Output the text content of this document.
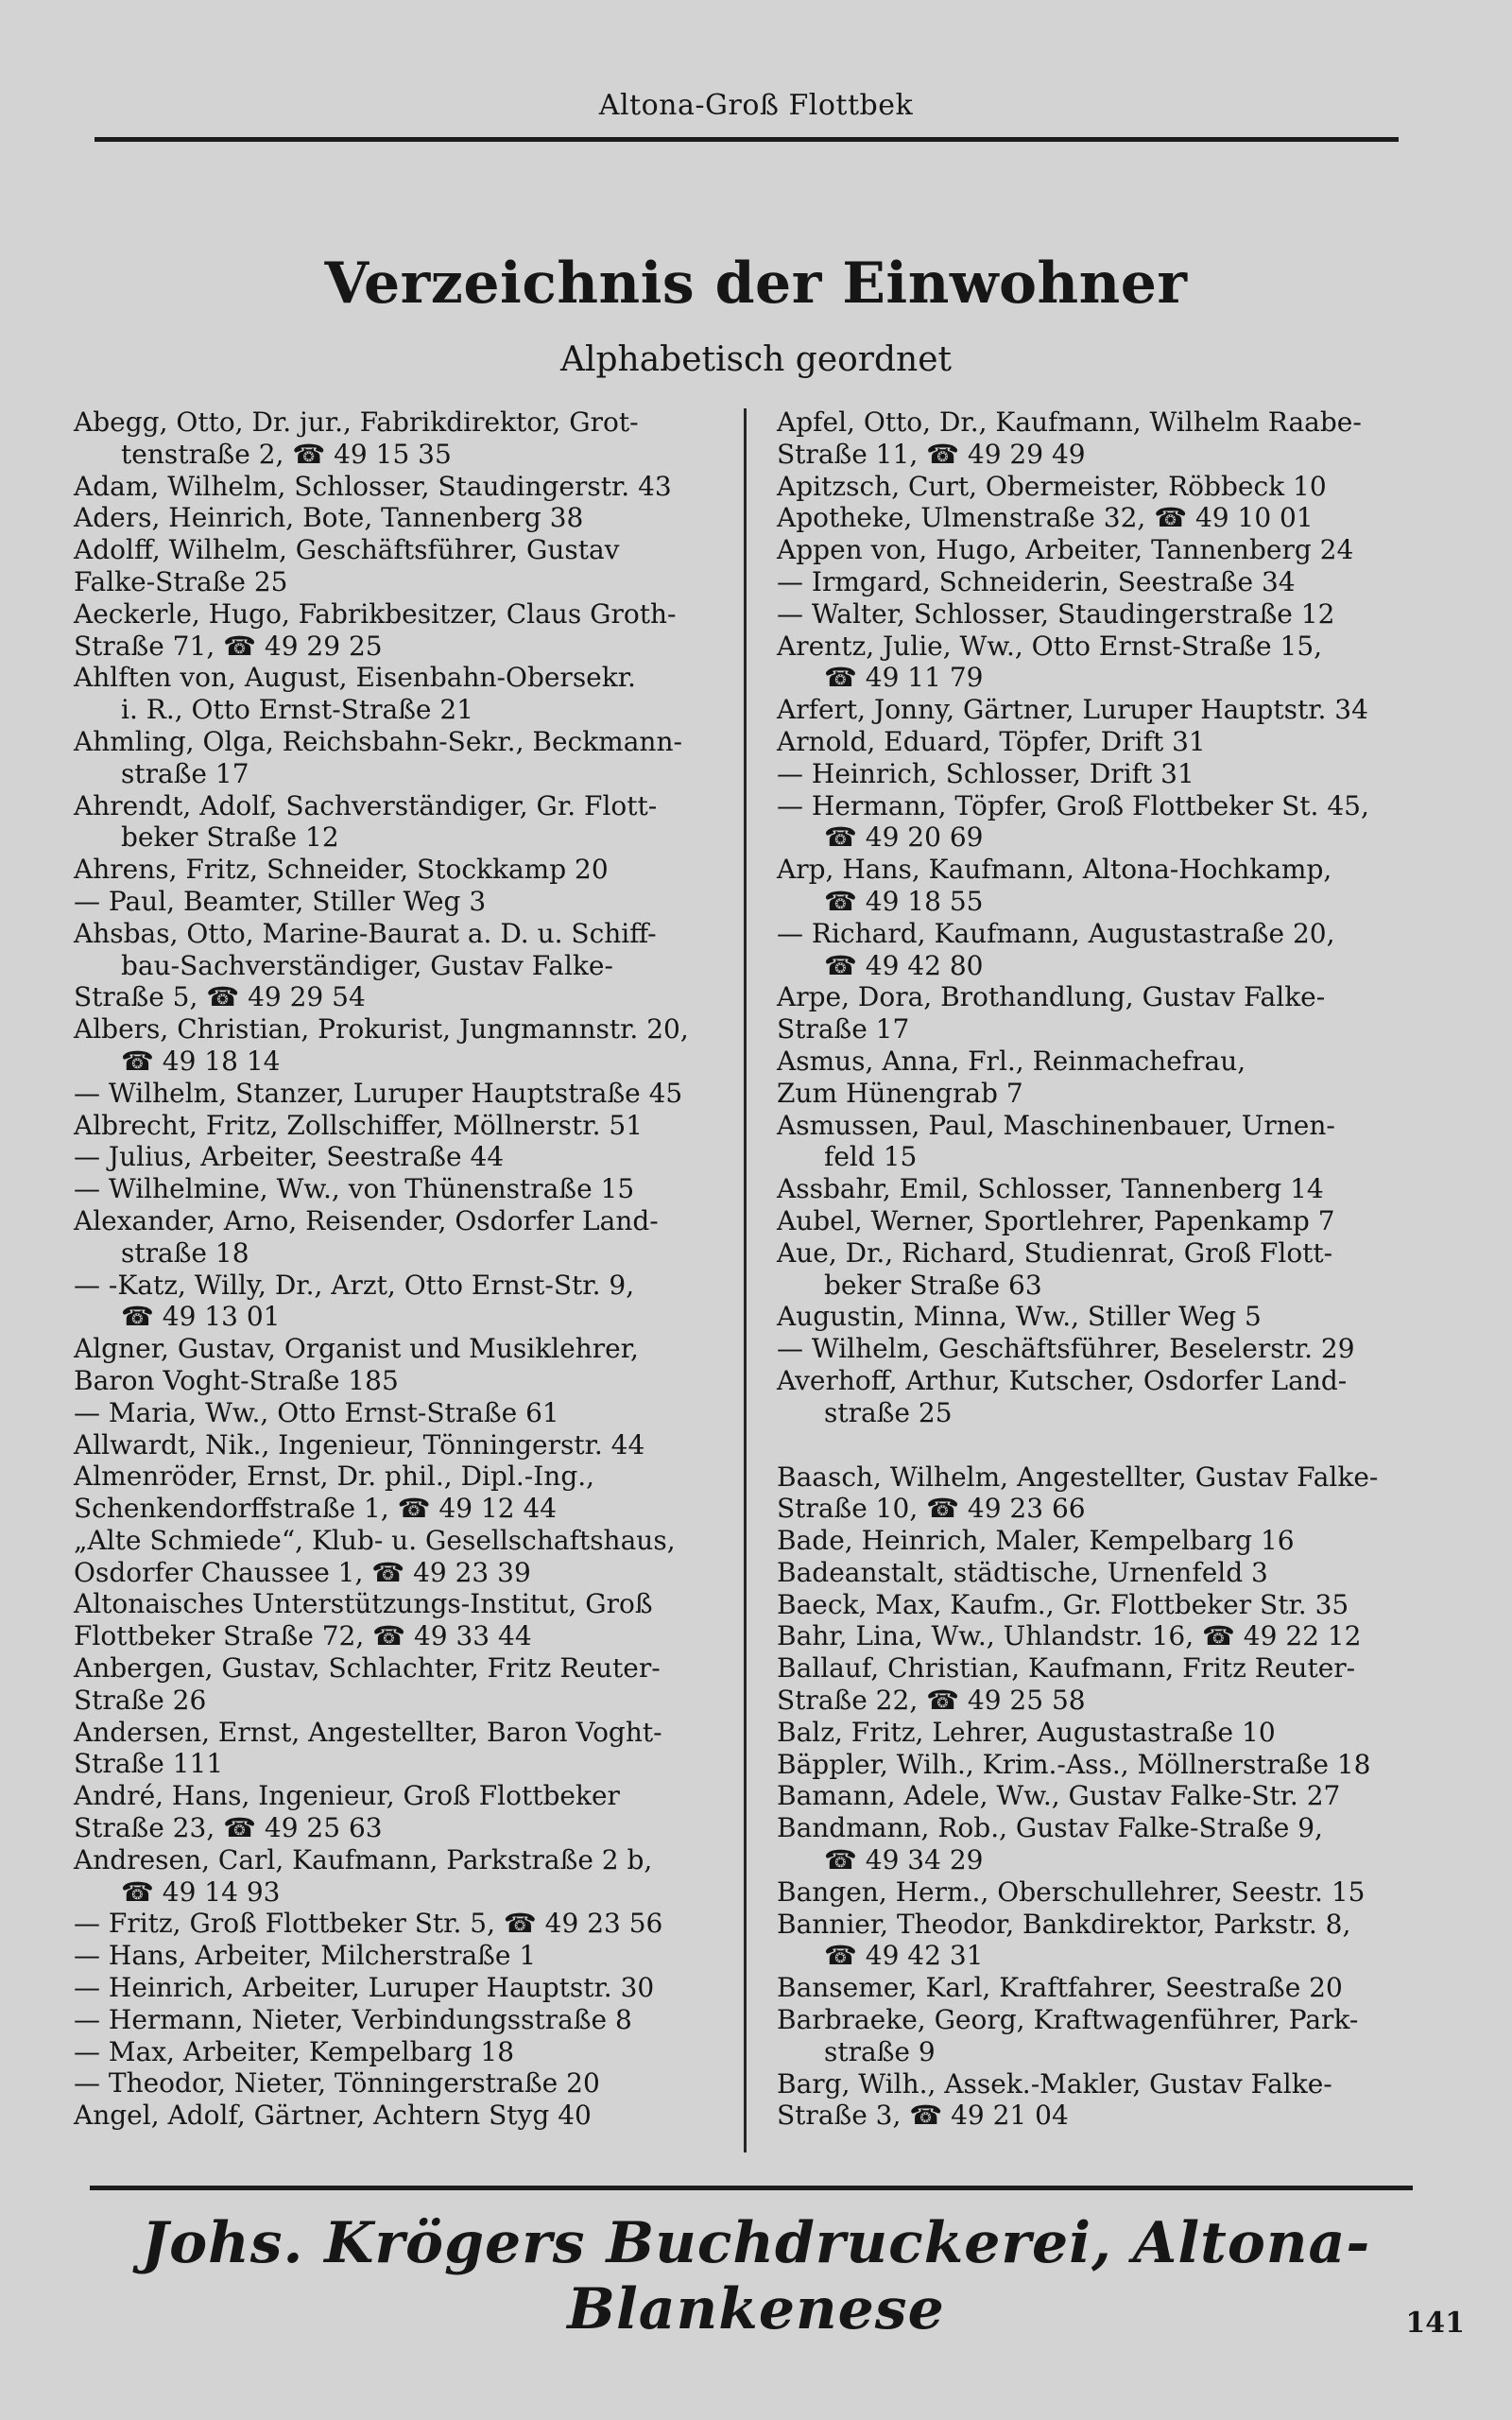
Altona-Groß Flottbek
Verzeichnis der Einwohner
Alphabetisch geordnet
Abegg, Otto, Dr. jur., Fabrikdirektor, Grot-
tenstraße 2, ☎ 49 15 35
Adam, Wilhelm, Schlosser, Staudingerstr. 43
Aders, Heinrich, Bote, Tannenberg 38
Adolff, Wilhelm, Geschäftsführer, Gustav
Falke-Straße 25
Aeckerle, Hugo, Fabrikbesitzer, Claus Groth-
Straße 71, ☎ 49 29 25
Ahlften von, August, Eisenbahn-Obersekr.
i. R., Otto Ernst-Straße 21
Ahmling, Olga, Reichsbahn-Sekr., Beckmann-
straße 17
Ahrendt, Adolf, Sachverständiger, Gr. Flott-
beker Straße 12
Ahrens, Fritz, Schneider, Stockkamp 20
— Paul, Beamter, Stiller Weg 3
Ahsbas, Otto, Marine-Baurat a. D. u. Schiff-
bau-Sachverständiger, Gustav Falke-
Straße 5, ☎ 49 29 54
Albers, Christian, Prokurist, Jungmannstr. 20,
☎ 49 18 14
— Wilhelm, Stanzer, Luruper Hauptstraße 45
Albrecht, Fritz, Zollschiffer, Möllnerstr. 51
— Julius, Arbeiter, Seestraße 44
— Wilhelmine, Ww., von Thünenstraße 15
Alexander, Arno, Reisender, Osdorfer Land-
straße 18
— -Katz, Willy, Dr., Arzt, Otto Ernst-Str. 9,
☎ 49 13 01
Algner, Gustav, Organist und Musiklehrer,
Baron Voght-Straße 185
— Maria, Ww., Otto Ernst-Straße 61
Allwardt, Nik., Ingenieur, Tönningerstr. 44
Almenröder, Ernst, Dr. phil., Dipl.-Ing.,
Schenkendorffstraße 1, ☎ 49 12 44
„Alte Schmiede“, Klub- u. Gesellschaftshaus,
Osdorfer Chaussee 1, ☎ 49 23 39
Altonaisches Unterstützungs-Institut, Groß
Flottbeker Straße 72, ☎ 49 33 44
Anbergen, Gustav, Schlachter, Fritz Reuter-
Straße 26
Andersen, Ernst, Angestellter, Baron Voght-
Straße 111
André, Hans, Ingenieur, Groß Flottbeker
Straße 23, ☎ 49 25 63
Andresen, Carl, Kaufmann, Parkstraße 2 b,
☎ 49 14 93
— Fritz, Groß Flottbeker Str. 5, ☎ 49 23 56
— Hans, Arbeiter, Milcherstraße 1
— Heinrich, Arbeiter, Luruper Hauptstr. 30
— Hermann, Nieter, Verbindungsstraße 8
— Max, Arbeiter, Kempelbarg 18
— Theodor, Nieter, Tönningerstraße 20
Angel, Adolf, Gärtner, Achtern Styg 40
Apfel, Otto, Dr., Kaufmann, Wilhelm Raabe-
Straße 11, ☎ 49 29 49
Apitzsch, Curt, Obermeister, Röbbeck 10
Apotheke, Ulmenstraße 32, ☎ 49 10 01
Appen von, Hugo, Arbeiter, Tannenberg 24
— Irmgard, Schneiderin, Seestraße 34
— Walter, Schlosser, Staudingerstraße 12
Arentz, Julie, Ww., Otto Ernst-Straße 15,
☎ 49 11 79
Arfert, Jonny, Gärtner, Luruper Hauptstr. 34
Arnold, Eduard, Töpfer, Drift 31
— Heinrich, Schlosser, Drift 31
— Hermann, Töpfer, Groß Flottbeker St. 45,
☎ 49 20 69
Arp, Hans, Kaufmann, Altona-Hochkamp,
☎ 49 18 55
— Richard, Kaufmann, Augustastraße 20,
☎ 49 42 80
Arpe, Dora, Brothandlung, Gustav Falke-
Straße 17
Asmus, Anna, Frl., Reinmachefrau,
Zum Hünengrab 7
Asmussen, Paul, Maschinenbauer, Urnen-
feld 15
Assbahr, Emil, Schlosser, Tannenberg 14
Aubel, Werner, Sportlehrer, Papenkamp 7
Aue, Dr., Richard, Studienrat, Groß Flott-
beker Straße 63
Augustin, Minna, Ww., Stiller Weg 5
— Wilhelm, Geschäftsführer, Beselerstr. 29
Averhoff, Arthur, Kutscher, Osdorfer Land-
straße 25
Baasch, Wilhelm, Angestellter, Gustav Falke-
Straße 10, ☎ 49 23 66
Bade, Heinrich, Maler, Kempelbarg 16
Badeanstalt, städtische, Urnenfeld 3
Baeck, Max, Kaufm., Gr. Flottbeker Str. 35
Bahr, Lina, Ww., Uhlandstr. 16, ☎ 49 22 12
Ballauf, Christian, Kaufmann, Fritz Reuter-
Straße 22, ☎ 49 25 58
Balz, Fritz, Lehrer, Augustastraße 10
Bäppler, Wilh., Krim.-Ass., Möllnerstraße 18
Bamann, Adele, Ww., Gustav Falke-Str. 27
Bandmann, Rob., Gustav Falke-Straße 9,
☎ 49 34 29
Bangen, Herm., Oberschullehrer, Seestr. 15
Bannier, Theodor, Bankdirektor, Parkstr. 8,
☎ 49 42 31
Bansemer, Karl, Kraftfahrer, Seestraße 20
Barbraeke, Georg, Kraftwagenführer, Park-
straße 9
Barg, Wilh., Assek.-Makler, Gustav Falke-
Straße 3, ☎ 49 21 04
Johs. Krögers Buchdruckerei, Altona-Blankenese	141
